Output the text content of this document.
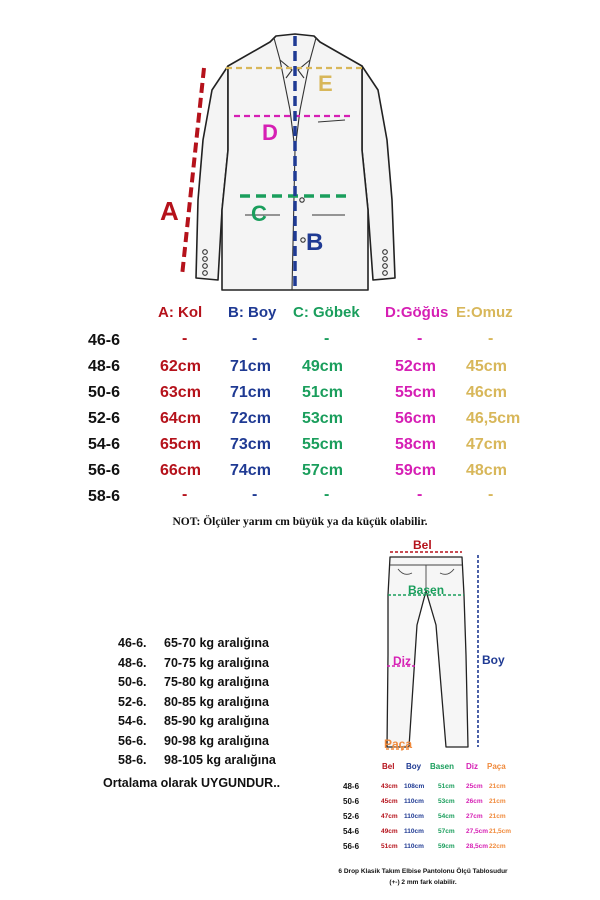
A
B
C
D
E
A: Kol B: Boy C: Göbek D:Göğüs E:Omuz
46-6	-	-	-	-	-
48-6 62cm 71cm 49cm	52cm 45cm
50-6 63cm 71cm 51cm	55cm 46cm
52-6 64cm 72cm 53cm	56cm 46,5cm
54-6 65cm 73cm 55cm	58cm 47cm
56-6 66cm 74cm 57cm	59cm 48cm
58-6	-	-	-	-	-
NOT: Ölçüler yarım cm büyük ya da küçük olabilir.
46-6. 65-70 kg aralığına
48-6. 70-75 kg aralığına
50-6. 75-80 kg aralığına
52-6. 80-85 kg aralığına
54-6. 85-90 kg aralığına
56-6. 90-98 kg aralığına
58-6. 98-105 kg aralığına
Ortalama olarak UYGUNDUR..
Bel
Basen
Diz	Boy
Paça
Bel Boy Basen Diz Paça
48-6	43cm 108cm 51cm 25cm 21cm
50-6	45cm 110cm 53cm 26cm 21cm
52-6	47cm 110cm 54cm 27cm 21cm
54-6	49cm 110cm 57cm 27,5cm 21,5cm
56-6	51cm 110cm 59cm 28,5cm 22cm
6 Drop Klasik Takım Elbise Pantolonu Ölçü Tablosudur
(+-) 2 mm fark olabilir.
